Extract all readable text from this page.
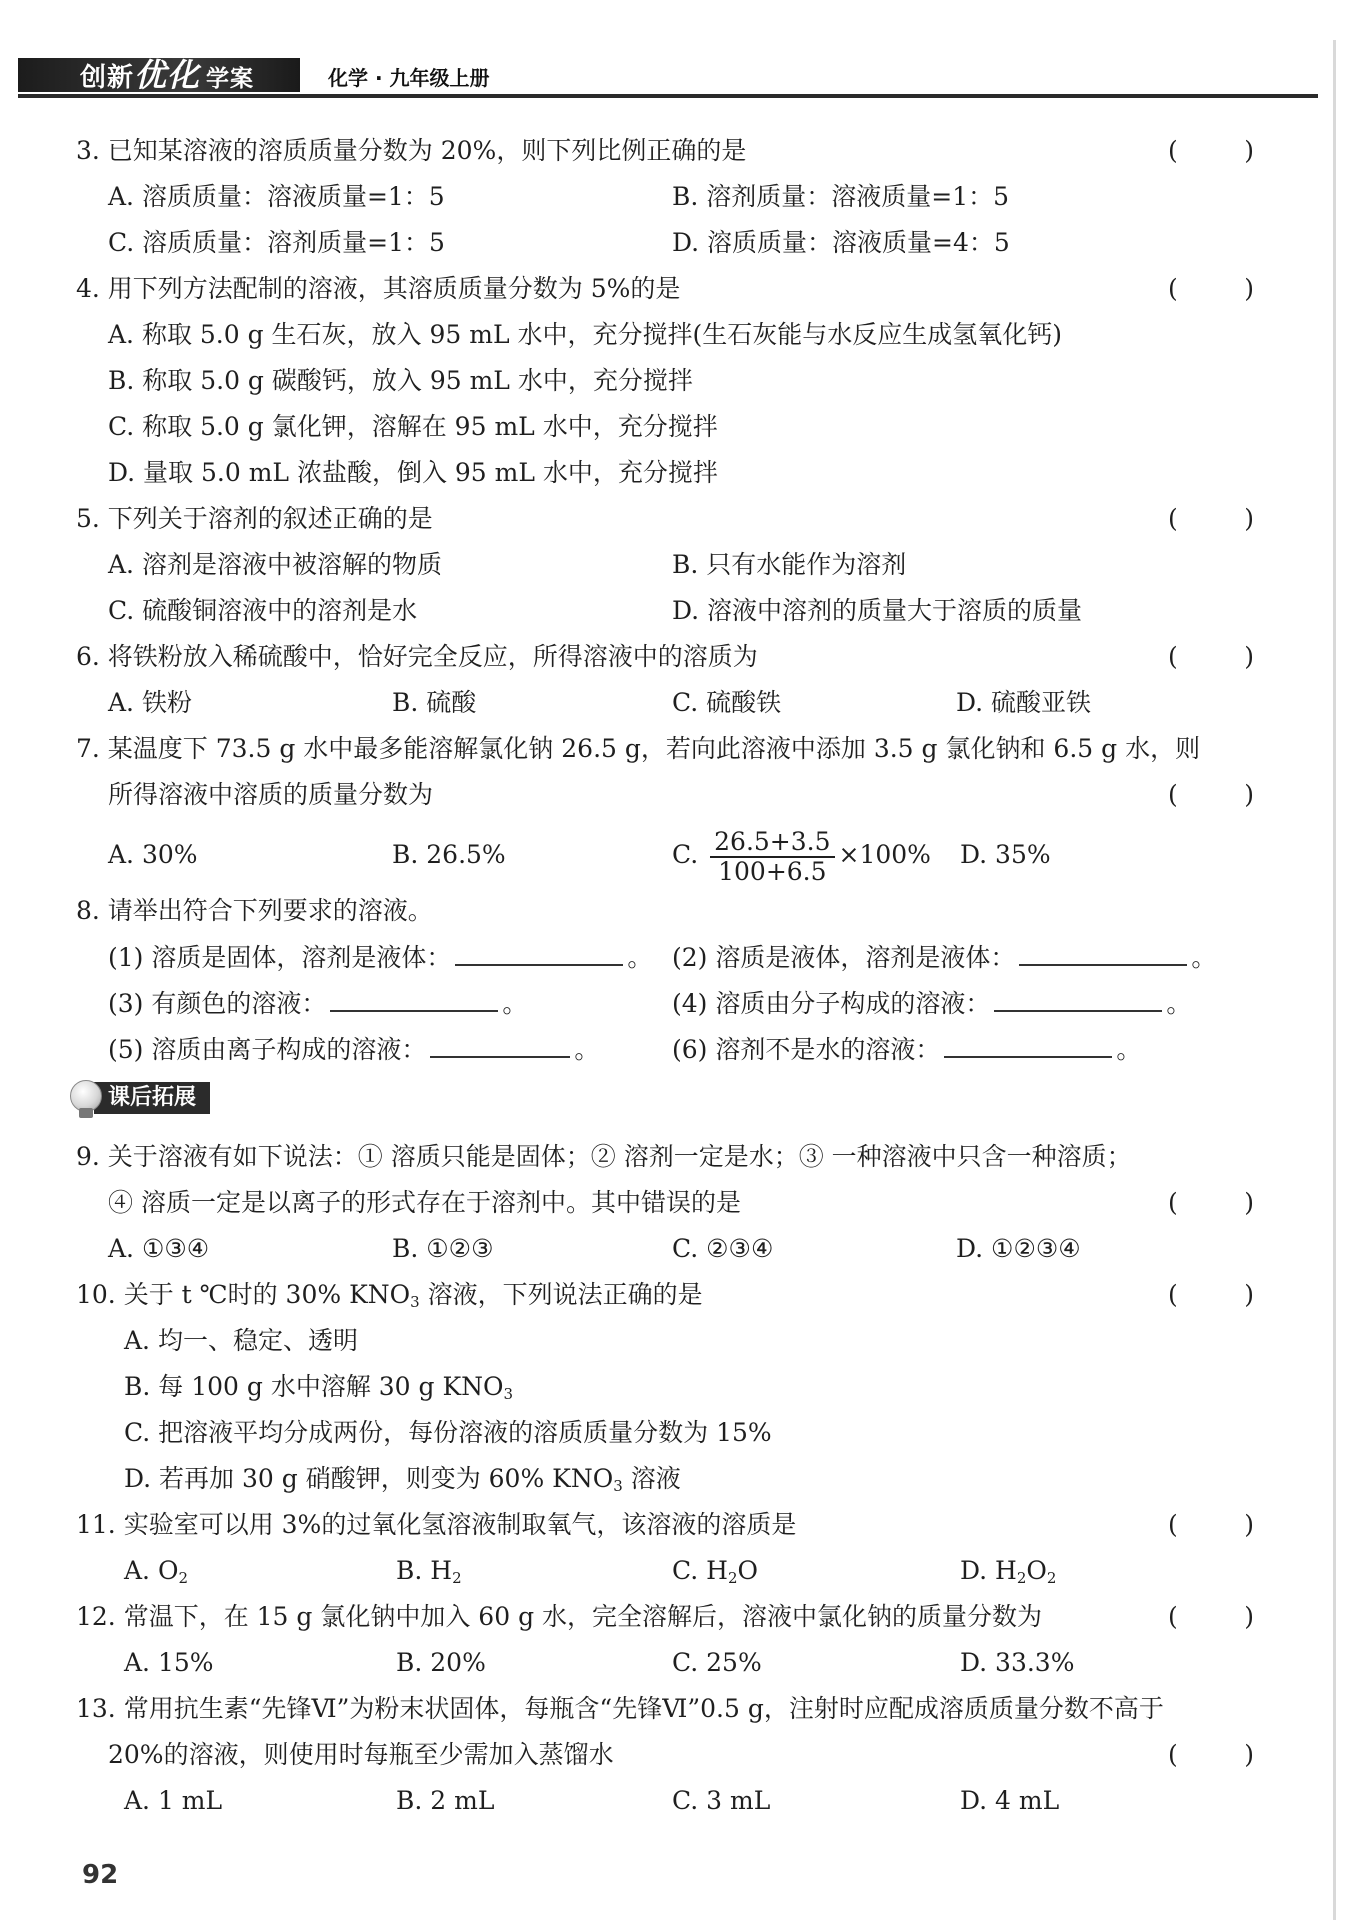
创新优化 学案	化学 · 九年级上册
3. 已知某溶液的溶质质量分数为 20%，则下列比例正确的是	(	)
A. 溶质质量：溶液质量=1：5	B. 溶剂质量：溶液质量=1：5
C. 溶质质量：溶剂质量=1：5	D. 溶质质量：溶液质量=4：5
4. 用下列方法配制的溶液，其溶质质量分数为 5%的是	(	)
A. 称取 5.0 g 生石灰，放入 95 mL 水中，充分搅拌(生石灰能与水反应生成氢氧化钙)
B. 称取 5.0 g 碳酸钙，放入 95 mL 水中，充分搅拌
C. 称取 5.0 g 氯化钾，溶解在 95 mL 水中，充分搅拌
D. 量取 5.0 mL 浓盐酸，倒入 95 mL 水中，充分搅拌
5. 下列关于溶剂的叙述正确的是	(	)
A. 溶剂是溶液中被溶解的物质	B. 只有水能作为溶剂
C. 硫酸铜溶液中的溶剂是水	D. 溶液中溶剂的质量大于溶质的质量
6. 将铁粉放入稀硫酸中，恰好完全反应，所得溶液中的溶质为	(	)
A. 铁粉	B. 硫酸	C. 硫酸铁	D. 硫酸亚铁
7. 某温度下 73.5 g 水中最多能溶解氯化钠 26.5 g，若向此溶液中添加 3.5 g 氯化钠和 6.5 g 水，则
所得溶液中溶质的质量分数为	(	)
A. 30%	B. 26.5%	C. $\frac{26.5+3.5}{100+6.5} \times 100\%$ D. 35%
8. 请举出符合下列要求的溶液。
(1) 溶质是固体，溶剂是液体：	。 (2) 溶质是液体，溶剂是液体：	。
(3) 有颜色的溶液：	。	(4) 溶质由分子构成的溶液：	。
(5) 溶质由离子构成的溶液：	。	(6) 溶剂不是水的溶液：	。
课后拓展
9. 关于溶液有如下说法：① 溶质只能是固体；② 溶剂一定是水；③ 一种溶液中只含一种溶质；
④ 溶质一定是以离子的形式存在于溶剂中。其中错误的是	(	)
A. ①③④	B. ①②③	C. ②③④	D. ①②③④
10. 关于 t ℃时的 30% $KNO_3$ 溶液，下列说法正确的是	(	)
A. 均一、稳定、透明
B. 每 100 g 水中溶解 30 g $KNO_3$
C. 把溶液平均分成两份，每份溶液的溶质质量分数为 15%
D. 若再加 30 g 硝酸钾，则变为 60% $KNO_3$ 溶液
11. 实验室可以用 3%的过氧化氢溶液制取氧气，该溶液的溶质是	(	)
A. $O_2$	B. $H_2$	C. $H_2O$	D. $H_2O_2$
12. 常温下，在 15 g 氯化钠中加入 60 g 水，完全溶解后，溶液中氯化钠的质量分数为	(	)
A. 15%	B. 20%	C. 25%	D. 33.3%
13. 常用抗生素“先锋Ⅵ”为粉末状固体，每瓶含“先锋Ⅵ”0.5 g，注射时应配成溶质质量分数不高于
20%的溶液，则使用时每瓶至少需加入蒸馏水	(	)
A. 1 mL	B. 2 mL	C. 3 mL	D. 4 mL
92
